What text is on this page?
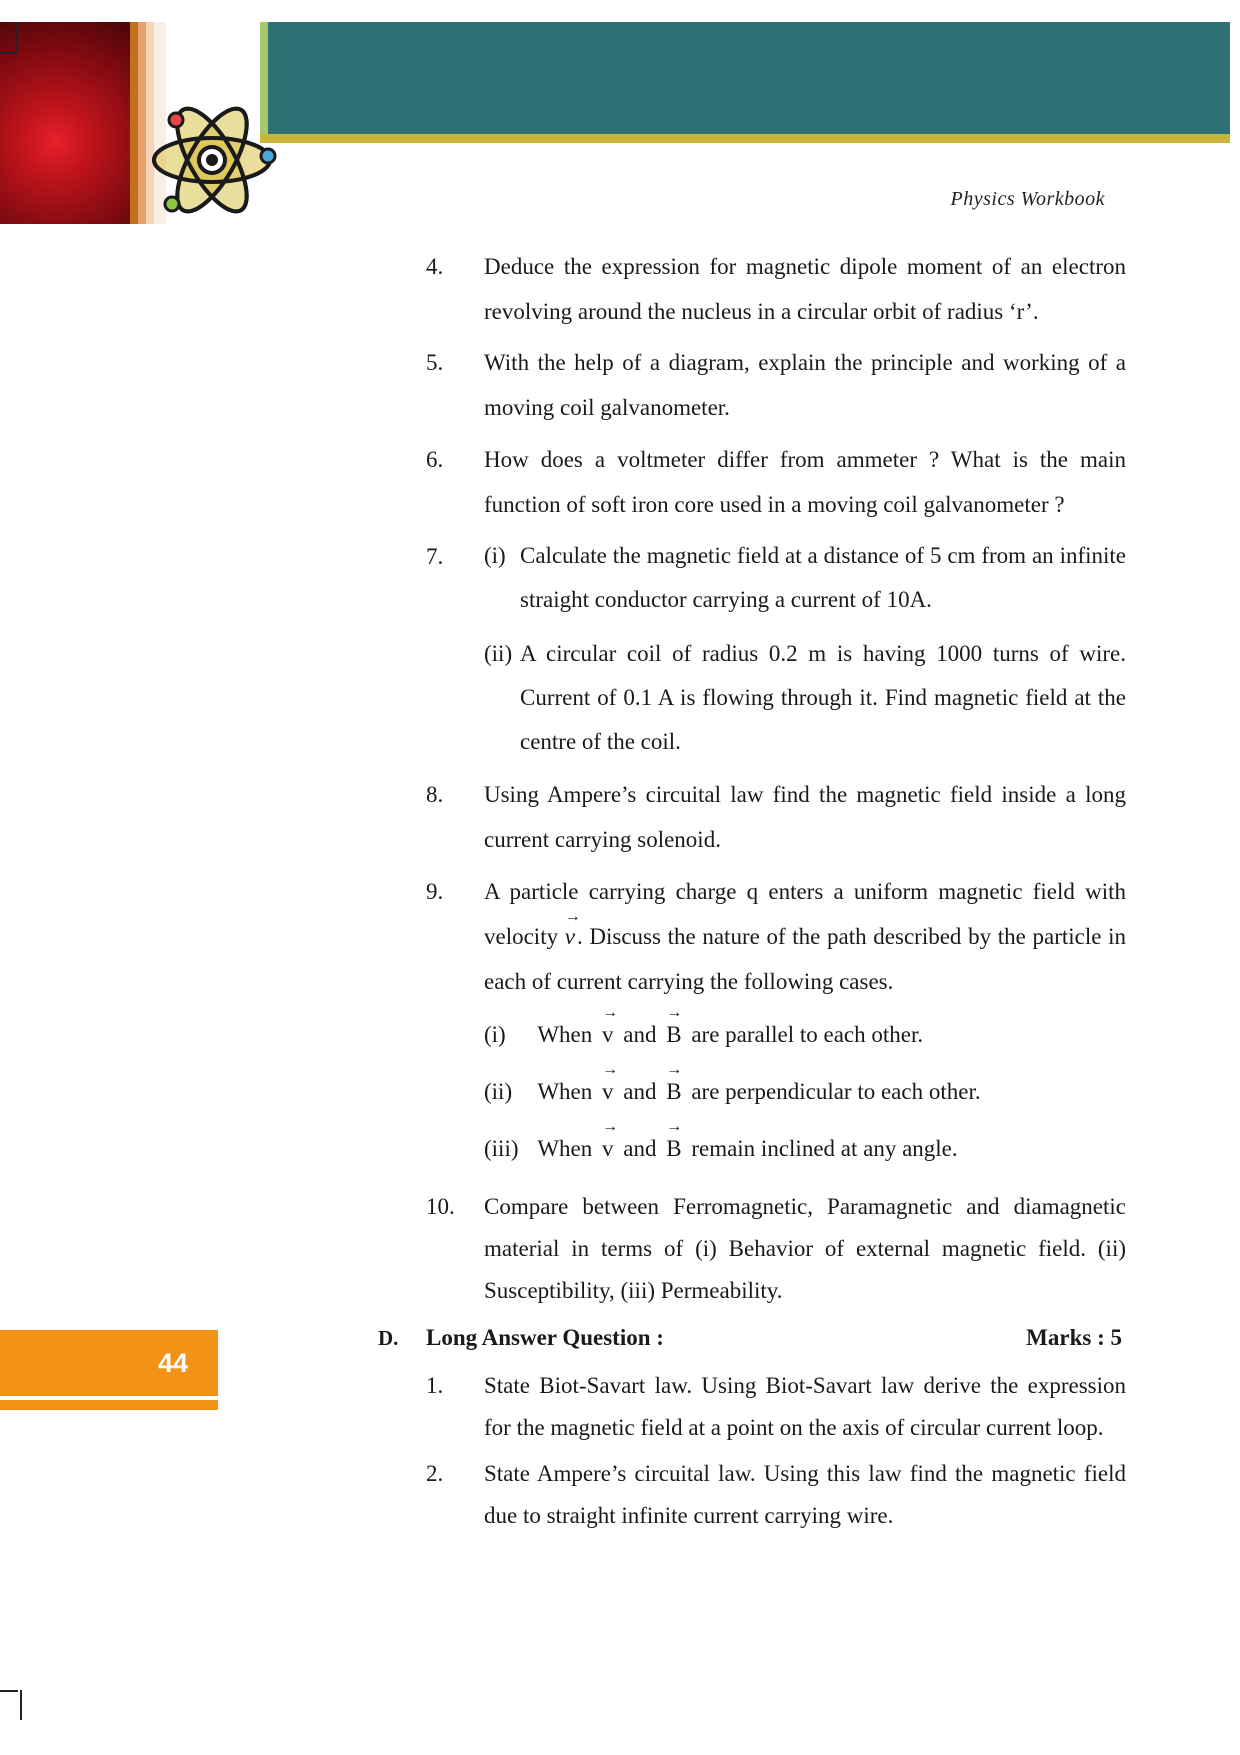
Physics Workbook
44
4. Deduce the expression for magnetic dipole moment of an electron revolving around the nucleus in a circular orbit of radius ‘r’.
5. With the help of a diagram, explain the principle and working of a moving coil galvanometer.
6. How does a voltmeter differ from ammeter ? What is the main function of soft iron core used in a moving coil galvanometer ?
7. (i) Calculate the magnetic field at a distance of 5 cm from an infinite straight conductor carrying a current of 10A.
(ii) A circular coil of radius 0.2 m is having 1000 turns of wire. Current of 0.1 A is flowing through it. Find magnetic field at the centre of the coil.
8. Using Ampere’s circuital law find the magnetic field inside a long current carrying solenoid.
9. A particle carrying charge q enters a uniform magnetic field with velocity
→
v. Discuss the nature of the path described by the particle in each of current carrying the following cases.
(i) When
→
v and
→
B are parallel to each other.
(ii) When
→
v and
→
B are perpendicular to each other.
(iii) When
→
v and
→
B remain inclined at any angle.
10. Compare between Ferromagnetic, Paramagnetic and diamagnetic material in terms of (i) Behavior of external magnetic field. (ii) Susceptibility, (iii) Permeability.
D. Long Answer Question :	Marks : 5
1. State Biot-Savart law. Using Biot-Savart law derive the expression for the magnetic field at a point on the axis of circular current loop.
2. State Ampere’s circuital law. Using this law find the magnetic field due to straight infinite current carrying wire.
